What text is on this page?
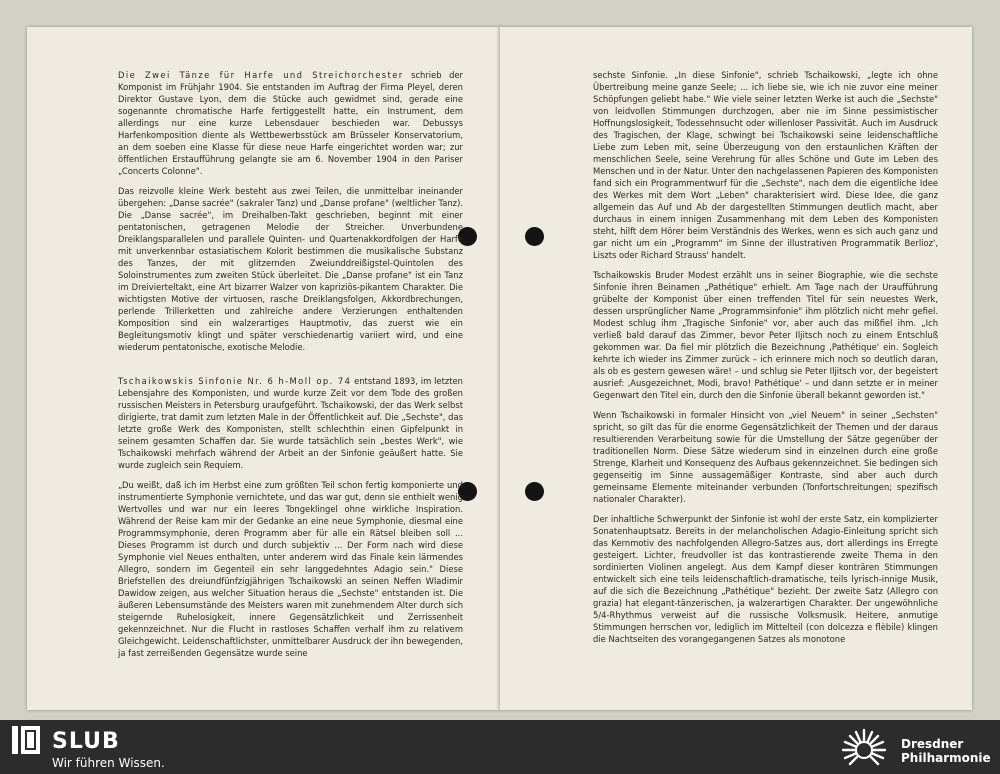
Die Zwei Tänze für Harfe und Streichorchester schrieb der Komponist im Frühjahr 1904. Sie entstanden im Auftrag der Firma Pleyel, deren Direktor Gustave Lyon, dem die Stücke auch gewidmet sind, gerade eine sogenannte chromatische Harfe fertiggestellt hatte, ein Instrument, dem allerdings nur eine kurze Lebensdauer beschieden war. Debussys Harfenkomposition diente als Wettbewerbsstück am Brüsseler Konservatorium, an dem soeben eine Klasse für diese neue Harfe eingerichtet worden war; zur öffentlichen Erstaufführung gelangte sie am 6. November 1904 in den Pariser „Concerts Colonne".

Das reizvolle kleine Werk besteht aus zwei Teilen, die unmittelbar ineinander übergehen: „Danse sacrée" (sakraler Tanz) und „Danse profane" (weltlicher Tanz). Die „Danse sacrée", im Dreihalben-Takt geschrieben, beginnt mit einer pentatonischen, getragenen Melodie der Streicher. Unverbundene Dreiklangsparallelen und parallele Quinten- und Quartenakkordfolgen der Harfe mit unverkennbar ostasiatischem Kolorit bestimmen die musikalische Substanz des Tanzes, der mit glitzernden Zweiunddreißigstel-Quintolen des Soloinstrumentes zum zweiten Stück überleitet. Die „Danse profane" ist ein Tanz im Dreivierteltakt, eine Art bizarrer Walzer von kapriziös-pikantem Charakter. Die wichtigsten Motive der virtuosen, rasche Dreiklangsfolgen, Akkordbrechungen, perlende Trillerketten und zahlreiche andere Verzierungen enthaltenden Komposition sind ein walzerartiges Hauptmotiv, das zuerst wie ein Begleitungsmotiv klingt und später verschiedenartig variiert wird, und eine wiederum pentatonische, exotische Melodie.

Tschaikowskis Sinfonie Nr. 6 h-Moll op. 74 entstand 1893, im letzten Lebensjahre des Komponisten, und wurde kurze Zeit vor dem Tode des großen russischen Meisters in Petersburg uraufgeführt. Tschaikowski, der das Werk selbst dirigierte, trat damit zum letzten Male in der Öffentlichkeit auf. Die „Sechste", das letzte große Werk des Komponisten, stellt schlechthin einen Gipfelpunkt in seinem gesamten Schaffen dar. Sie wurde tatsächlich sein „bestes Werk", wie Tschaikowski mehrfach während der Arbeit an der Sinfonie geäußert hatte. Sie wurde zugleich sein Requiem.

„Du weißt, daß ich im Herbst eine zum größten Teil schon fertig komponierte und instrumentierte Symphonie vernichtete, und das war gut, denn sie enthielt wenig Wertvolles und war nur ein leeres Tongeklingel ohne wirkliche Inspiration. Während der Reise kam mir der Gedanke an eine neue Symphonie, diesmal eine Programmsymphonie, deren Programm aber für alle ein Rätsel bleiben soll ... Dieses Programm ist durch und durch subjektiv ... Der Form nach wird diese Symphonie viel Neues enthalten, unter anderem wird das Finale kein lärmendes Allegro, sondern im Gegenteil ein sehr langgedehntes Adagio sein." Diese Briefstellen des dreiundfünfzigjährigen Tschaikowski an seinen Neffen Wladimir Dawidow zeigen, aus welcher Situation heraus die „Sechste" entstanden ist. Die äußeren Lebensumstände des Meisters waren mit zunehmendem Alter durch sich steigernde Ruhelosigkeit, innere Gegensätzlichkeit und Zerrissenheit gekennzeichnet. Nur die Flucht in rastloses Schaffen verhalf ihm zu relativem Gleichgewicht. Leidenschaftlichster, unmittelbarer Ausdruck der ihn bewegenden, ja fast zerreißenden Gegensätze wurde seine

sechste Sinfonie. „In diese Sinfonie", schrieb Tschaikowski, „legte ich ohne Übertreibung meine ganze Seele; ... ich liebe sie, wie ich nie zuvor eine meiner Schöpfungen geliebt habe." Wie viele seiner letzten Werke ist auch die „Sechste" von leidvollen Stimmungen durchzogen, aber nie im Sinne pessimistischer Hoffnungslosigkeit, Todessehnsucht oder willenloser Passivität. Auch im Ausdruck des Tragischen, der Klage, schwingt bei Tschaikowski seine leidenschaftliche Liebe zum Leben mit, seine Überzeugung von den erstaunlichen Kräften der menschlichen Seele, seine Verehrung für alles Schöne und Gute im Leben des Menschen und in der Natur. Unter den nachgelassenen Papieren des Komponisten fand sich ein Programmentwurf für die „Sechste", nach dem die eigentliche Idee des Werkes mit dem Wort „Leben" charakterisiert wird. Diese Idee, die ganz allgemein das Auf und Ab der dargestellten Stimmungen deutlich macht, aber durchaus in einem innigen Zusammenhang mit dem Leben des Komponisten steht, hilft dem Hörer beim Verständnis des Werkes, wenn es sich auch ganz und gar nicht um ein „Programm" im Sinne der illustrativen Programmatik Berlioz', Liszts oder Richard Strauss' handelt.

Tschaikowskis Bruder Modest erzählt uns in seiner Biographie, wie die sechste Sinfonie ihren Beinamen „Pathétique" erhielt. Am Tage nach der Uraufführung grübelte der Komponist über einen treffenden Titel für sein neuestes Werk, dessen ursprünglicher Name „Programmsinfonie" ihm plötzlich nicht mehr gefiel. Modest schlug ihm „Tragische Sinfonie" vor, aber auch das mißfiel ihm. „Ich verließ bald darauf das Zimmer, bevor Peter Iljitsch noch zu einem Entschluß gekommen war. Da fiel mir plötzlich die Bezeichnung ‚Pathétique' ein. Sogleich kehrte ich wieder ins Zimmer zurück – ich erinnere mich noch so deutlich daran, als ob es gestern gewesen wäre! – und schlug sie Peter Iljitsch vor, der begeistert ausrief: ‚Ausgezeichnet, Modi, bravo! Pathétique' – und dann setzte er in meiner Gegenwart den Titel ein, durch den die Sinfonie überall bekannt geworden ist."

Wenn Tschaikowski in formaler Hinsicht von „viel Neuem" in seiner „Sechsten" spricht, so gilt das für die enorme Gegensätzlichkeit der Themen und der daraus resultierenden Verarbeitung sowie für die Umstellung der Sätze gegenüber der traditionellen Norm. Diese Sätze wiederum sind in einzelnen durch eine große Strenge, Klarheit und Konsequenz des Aufbaus gekennzeichnet. Sie bedingen sich gegenseitig im Sinne aussagemäßiger Kontraste, sind aber auch durch gemeinsame Elemente miteinander verbunden (Tonfortschreitungen; spezifisch nationaler Charakter).

Der inhaltliche Schwerpunkt der Sinfonie ist wohl der erste Satz, ein komplizierter Sonatenhauptsatz. Bereits in der melancholischen Adagio-Einleitung spricht sich das Kernmotiv des nachfolgenden Allegro-Satzes aus, dort allerdings ins Erregte gesteigert. Lichter, freudvoller ist das kontrastierende zweite Thema in den sordinierten Violinen angelegt. Aus dem Kampf dieser konträren Stimmungen entwickelt sich eine teils leidenschaftlich-dramatische, teils lyrisch-innige Musik, auf die sich die Bezeichnung „Pathétique" bezieht. Der zweite Satz (Allegro con grazia) hat elegant-tänzerischen, ja walzerartigen Charakter. Der ungewöhnliche 5/4-Rhythmus verweist auf die russische Volksmusik. Heitere, anmutige Stimmungen herrschen vor, lediglich im Mittelteil (con dolcezza e flèbile) klingen die Nachtseiten des vorangegangenen Satzes als monotone

SLUB
Wir führen Wissen.
Dresdner
Philharmonie
